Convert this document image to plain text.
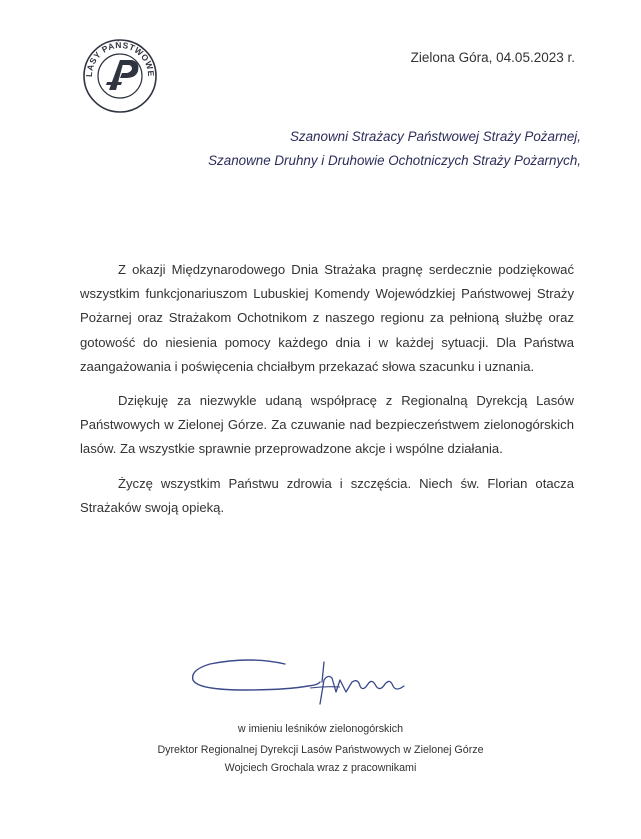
LASY PAŃSTWOWE
Zielona Góra, 04.05.2023 r.
Szanowni Strażacy Państwowej Straży Pożarnej,
Szanowne Druhny i Druhowie Ochotniczych Straży Pożarnych,

Z okazji Międzynarodowego Dnia Strażaka pragnę serdecznie podziękować wszystkim funkcjonariuszom Lubuskiej Komendy Wojewódzkiej Państwowej Straży Pożarnej oraz Strażakom Ochotnikom z naszego regionu za pełnioną służbę oraz gotowość do niesienia pomocy każdego dnia i w każdej sytuacji. Dla Państwa zaangażowania i poświęcenia chciałbym przekazać słowa szacunku i uznania.

Dziękuję za niezwykle udaną współpracę z Regionalną Dyrekcją Lasów Państwowych w Zielonej Górze. Za czuwanie nad bezpieczeństwem zielonogórskich lasów. Za wszystkie sprawnie przeprowadzone akcje i wspólne działania.

Życzę wszystkim Państwu zdrowia i szczęścia. Niech św. Florian otacza Strażaków swoją opieką.

w imieniu leśników zielonogórskich
Dyrektor Regionalnej Dyrekcji Lasów Państwowych w Zielonej Górze
Wojciech Grochala wraz z pracownikami
